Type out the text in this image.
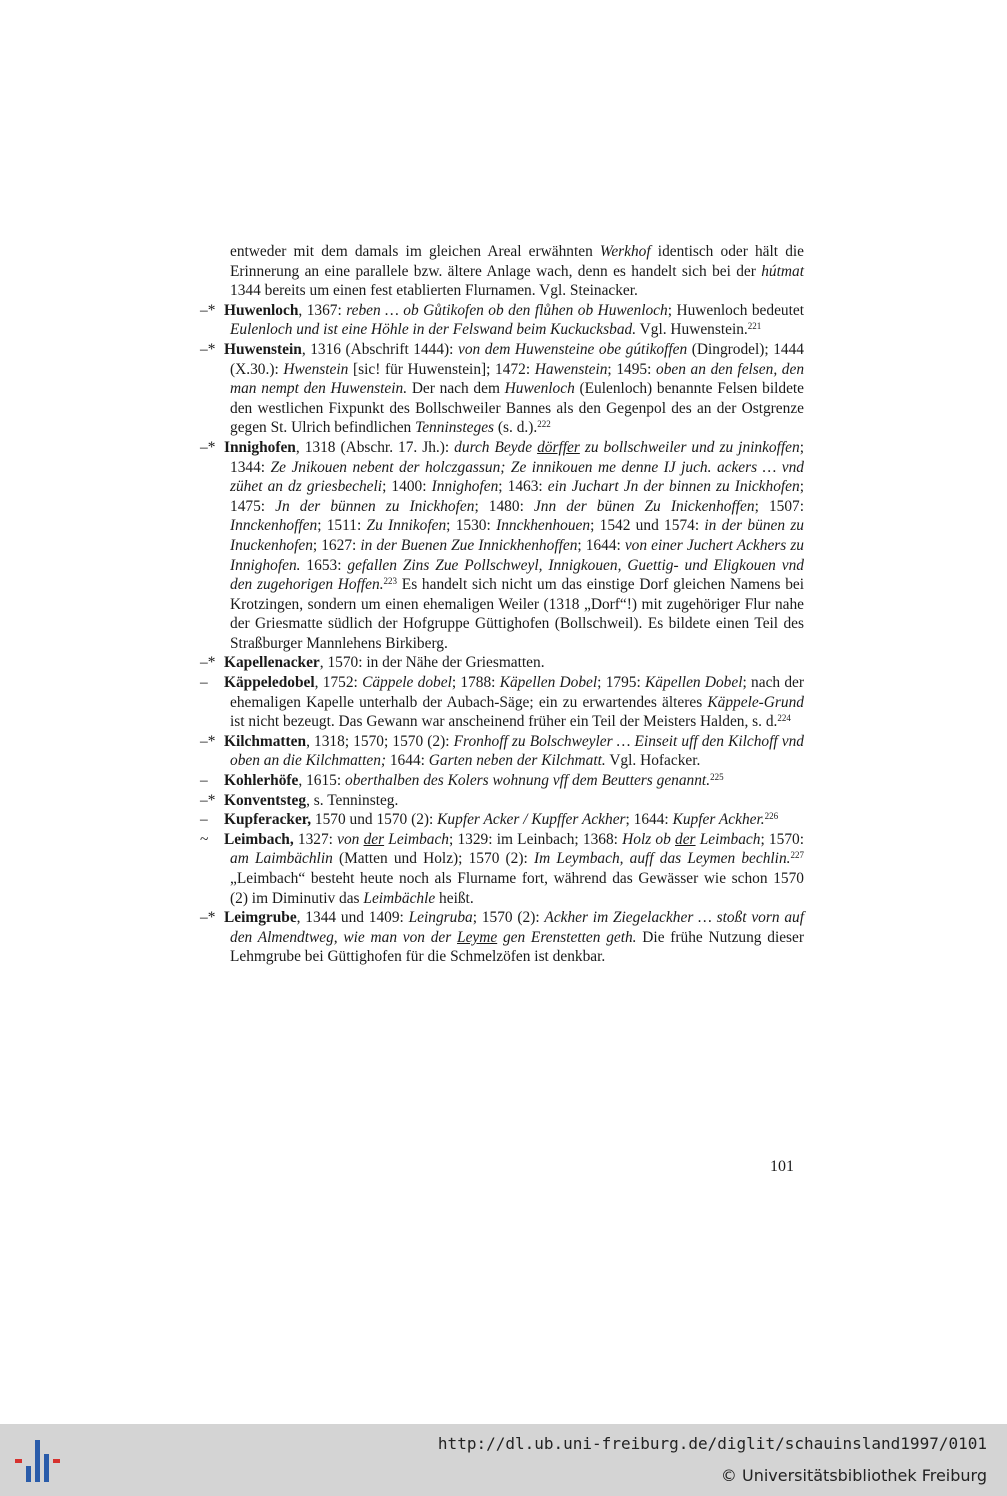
entweder mit dem damals im gleichen Areal erwähnten Werkhof identisch oder hält die Erinnerung an eine parallele bzw. ältere Anlage wach, denn es handelt sich bei der hútmat 1344 bereits um einen fest etablierten Flurnamen. Vgl. Steinacker.

–* Huwenloch, 1367: reben … ob Gůtikofen ob den flůhen ob Huwenloch; Huwenloch bedeutet Eulenloch und ist eine Höhle in der Felswand beim Kuckucksbad. Vgl. Huwenstein.$^{221}$

–* Huwenstein, 1316 (Abschrift 1444): von dem Huwensteine obe gútikoffen (Dingrodel); 1444 (X.30.): Hwenstein [sic! für Huwenstein]; 1472: Hawenstein; 1495: oben an den felsen, den man nempt den Huwenstein. Der nach dem Huwenloch (Eulenloch) benannte Felsen bildete den westlichen Fixpunkt des Bollschweiler Bannes als den Gegenpol des an der Ostgrenze gegen St. Ulrich befindlichen Tenninsteges (s. d.).$^{222}$

–* Innighofen, 1318 (Abschr. 17. Jh.): durch Beyde dörffer zu bollschweiler und zu jninkoffen; 1344: Ze Jnikouen nebent der holczgassun; Ze innikouen me denne IJ juch. ackers … vnd zühet an dz griesbecheli; 1400: Innighofen; 1463: ein Juchart Jn der binnen zu Inickhofen; 1475: Jn der bünnen zu Inickhofen; 1480: Jnn der bünen Zu Inickenhoffen; 1507: Innckenhoffen; 1511: Zu Innikofen; 1530: Innckhenhouen; 1542 und 1574: in der bünen zu Inuckenhofen; 1627: in der Buenen Zue Innickhenhoffen; 1644: von einer Juchert Ackhers zu Innighofen. 1653: gefallen Zins Zue Pollschweyl, Innigkouen, Guettig- und Eligkouen vnd den zugehorigen Hoffen.$^{223}$ Es handelt sich nicht um das einstige Dorf gleichen Namens bei Krotzingen, sondern um einen ehemaligen Weiler (1318 „Dorf“!) mit zugehöriger Flur nahe der Griesmatte südlich der Hofgruppe Güttighofen (Bollschweil). Es bildete einen Teil des Straßburger Mannlehens Birkiberg.

–* Kapellenacker, 1570: in der Nähe der Griesmatten.

– Käppeledobel, 1752: Cäppele dobel; 1788: Käpellen Dobel; 1795: Käpellen Dobel; nach der ehemaligen Kapelle unterhalb der Aubach-Säge; ein zu erwartendes älteres Käppele-Grund ist nicht bezeugt. Das Gewann war anscheinend früher ein Teil der Meisters Halden, s. d.$^{224}$

–* Kilchmatten, 1318; 1570; 1570 (2): Fronhoff zu Bolschweyler … Einseit uff den Kilchoff vnd oben an die Kilchmatten; 1644: Garten neben der Kilchmatt. Vgl. Hofacker.

– Kohlerhöfe, 1615: oberthalben des Kolers wohnung vff dem Beutters genannt.$^{225}$

–* Konventsteg, s. Tenninsteg.

– Kupferacker, 1570 und 1570 (2): Kupfer Acker / Kupffer Ackher; 1644: Kupfer Ackher.$^{226}$

~ Leimbach, 1327: von der Leimbach; 1329: im Leinbach; 1368: Holz ob der Leimbach; 1570: am Laimbächlin (Matten und Holz); 1570 (2): Im Leymbach, auff das Leymen bechlin.$^{227}$ „Leimbach“ besteht heute noch als Flurname fort, während das Gewässer wie schon 1570 (2) im Diminutiv das Leimbächle heißt.

–* Leimgrube, 1344 und 1409: Leingruba; 1570 (2): Ackher im Ziegelackher … stoßt vorn auf den Almendtweg, wie man von der Leyme gen Erenstetten geth. Die frühe Nutzung dieser Lehmgrube bei Güttighofen für die Schmelzöfen ist denkbar.

101
http://dl.ub.uni-freiburg.de/diglit/schauinsland1997/0101
© Universitätsbibliothek Freiburg
